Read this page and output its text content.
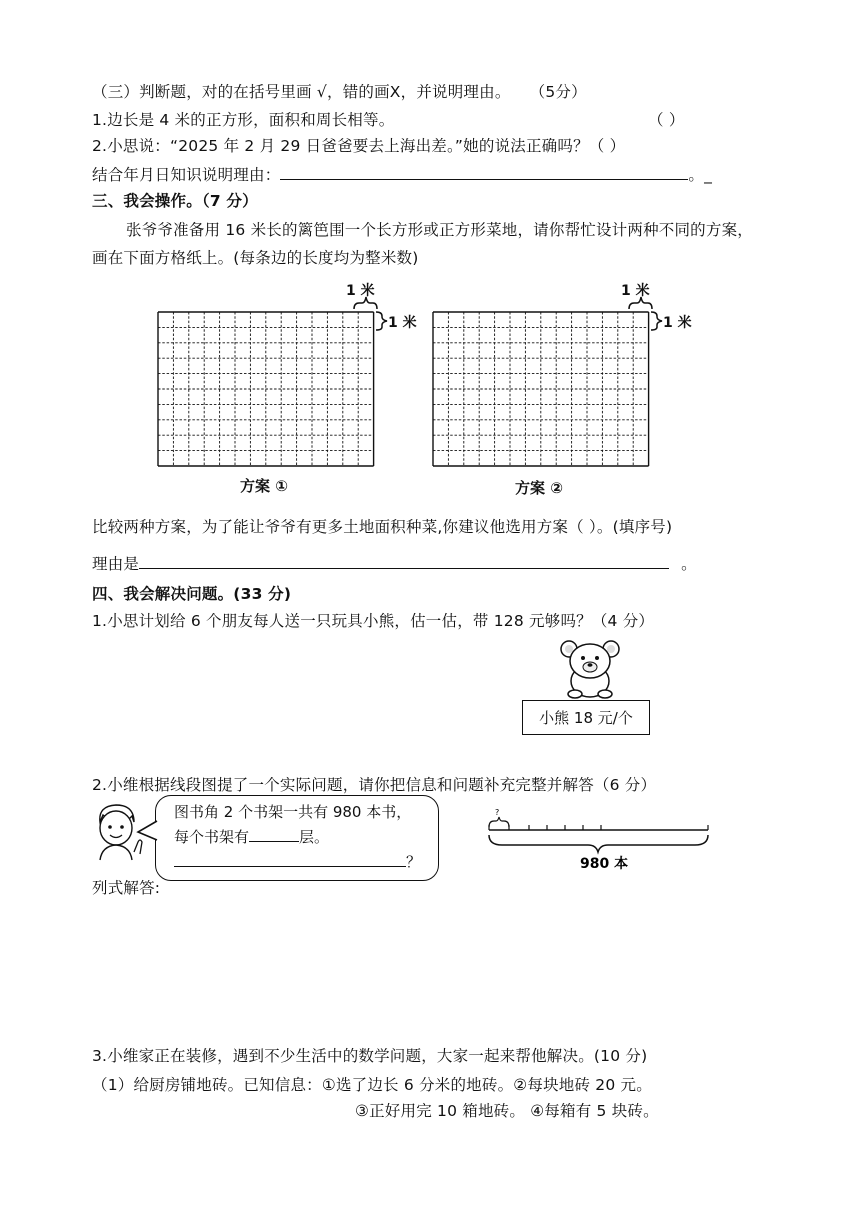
（三）判断题，对的在括号里画 √，错的画X，并说明理由。 （5分）
1.边长是 4 米的正方形，面积和周长相等。	（ ）
2.小思说：“2025 年 2 月 29 日爸爸要去上海出差。”她的说法正确吗？（ ）
结合年月日知识说明理由：	。_
三、我会操作。（7 分）
张爷爷准备用 16 米长的篱笆围一个长方形或正方形菜地，请你帮忙设计两种不同的方案，
画在下面方格纸上。(每条边的长度均为整米数)
1 米
1 米
方案 ①
1 米
1 米
方案 ②
比较两种方案，为了能让爷爷有更多土地面积种菜,你建议他选用方案（ ）。(填序号)
理由是	。
四、我会解决问题。(33 分)
1.小思计划给 6 个朋友每人送一只玩具小熊，估一估，带 128 元够吗？（4 分）
小熊 18 元/个
2.小维根据线段图提了一个实际问题，请你把信息和问题补充完整并解答（6 分）
图书角 2 个书架一共有 980 本书，
每个书架有	层。
？
?
980 本
列式解答:
3.小维家正在装修，遇到不少生活中的数学问题，大家一起来帮他解决。(10 分)
（1）给厨房铺地砖。已知信息：①选了边长 6 分米的地砖。②每块地砖 20 元。
③正好用完 10 箱地砖。 ④每箱有 5 块砖。
